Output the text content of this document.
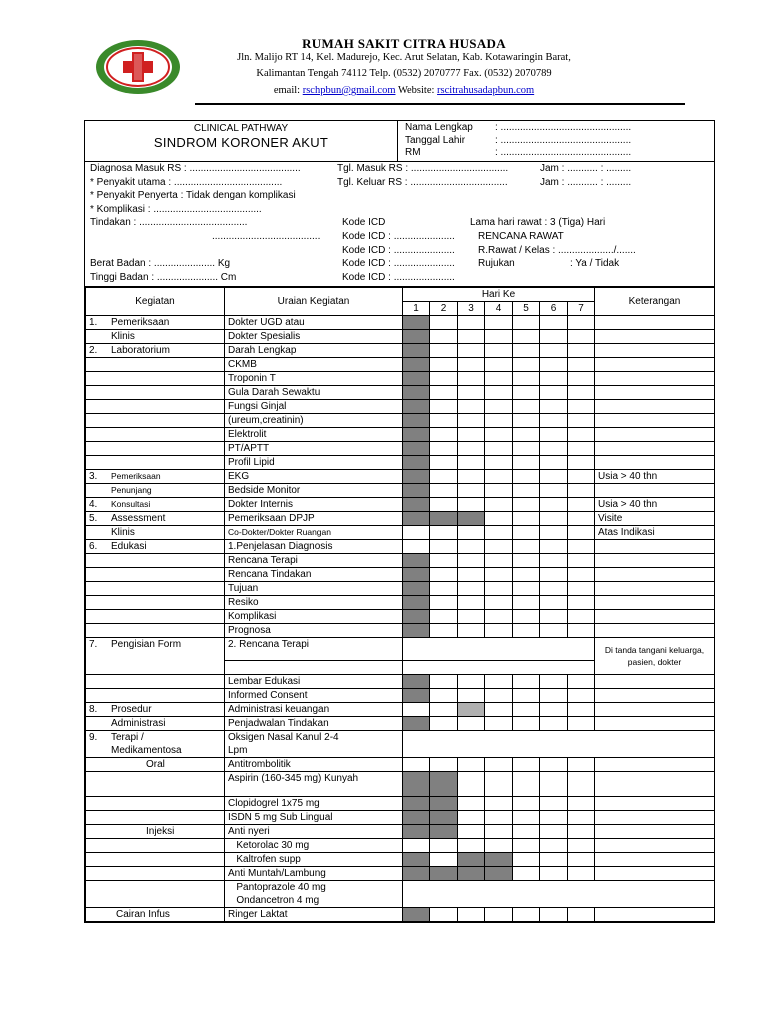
RUMAH SAKIT CITRA HUSADA
Jln. Malijo RT 14, Kel. Madurejo, Kec. Arut Selatan, Kab. Kotawaringin Barat,
Kalimantan Tengah 74112 Telp. (0532) 2070777 Fax. (0532) 2070789
email: rschpbun@gmail.com Website: rscitrahusadapbun.com
CLINICAL PATHWAY
SINDROM KORONER AKUT
Nama Lengkap : ...............................................
Tanggal Lahir	: ...............................................
RM	: ...............................................
Diagnosa Masuk RS : ........................................	Tgl. Masuk RS : ...................................	Jam : ........... : .........
* Penyakit utama : .......................................	Tgl. Keluar RS : ...................................	Jam : ........... : .........
* Penyakit Penyerta : Tidak dengan komplikasi
* Komplikasi : .......................................
Tindakan : .......................................	Kode ICD	Lama hari rawat : 3 (Tiga) Hari
....................................... Kode ICD : ...................... RENCANA RAWAT
Kode ICD : ...................... R.Rawat / Kelas : ..................../.......
Berat Badan : ...................... Kg	Kode ICD : ...................... Rujukan	: Ya / Tidak
Tinggi Badan : ...................... Cm	Kode ICD : ......................
Kegiatan	Uraian Kegiatan	Hari Ke							Keterangan
		1	2	3	4	5	6	7	
1. Pemeriksaan	Dokter UGD atau								
Klinis	Dokter Spesialis								
2. Laboratorium	Darah Lengkap								
	CKMB								
	Troponin T								
	Gula Darah Sewaktu								
	Fungsi Ginjal								
	(ureum,creatinin)								
	Elektrolit								
	PT/APTT								
	Profil Lipid								
3. Pemeriksaan	EKG								Usia > 40 thn
Penunjang	Bedside Monitor								
4. Konsultasi	Dokter Internis								Usia > 40 thn
5. Assessment	Pemeriksaan DPJP								Visite
Klinis	Co-Dokter/Dokter Ruangan								Atas Indikasi
6. Edukasi	1.Penjelasan Diagnosis								
	Rencana Terapi								
	Rencana Tindakan								
	Tujuan								
	Resiko								
	Komplikasi								
	Prognosa								
7. Pengisian Form	2. Rencana Terapi								Di tanda tangani keluarga, pasien, dokter

	Lembar Edukasi								
	Informed Consent								
8. Prosedur	Administrasi keuangan								
Administrasi	Penjadwalan Tindakan								
9. Terapi /
Medikamentosa	Oksigen Nasal Kanul 2-4
Lpm								
Oral	Antitrombolitik								
	Aspirin (160-345 mg) Kunyah								
	Clopidogrel 1x75 mg								
	ISDN 5 mg Sub Lingual								
Injeksi	Anti nyeri								
	Ketorolac 30 mg								
	Kaltrofen supp								
	Anti Muntah/Lambung								
	Pantoprazole 40 mg
Ondancetron 4 mg								
Cairan Infus	Ringer Laktat								
